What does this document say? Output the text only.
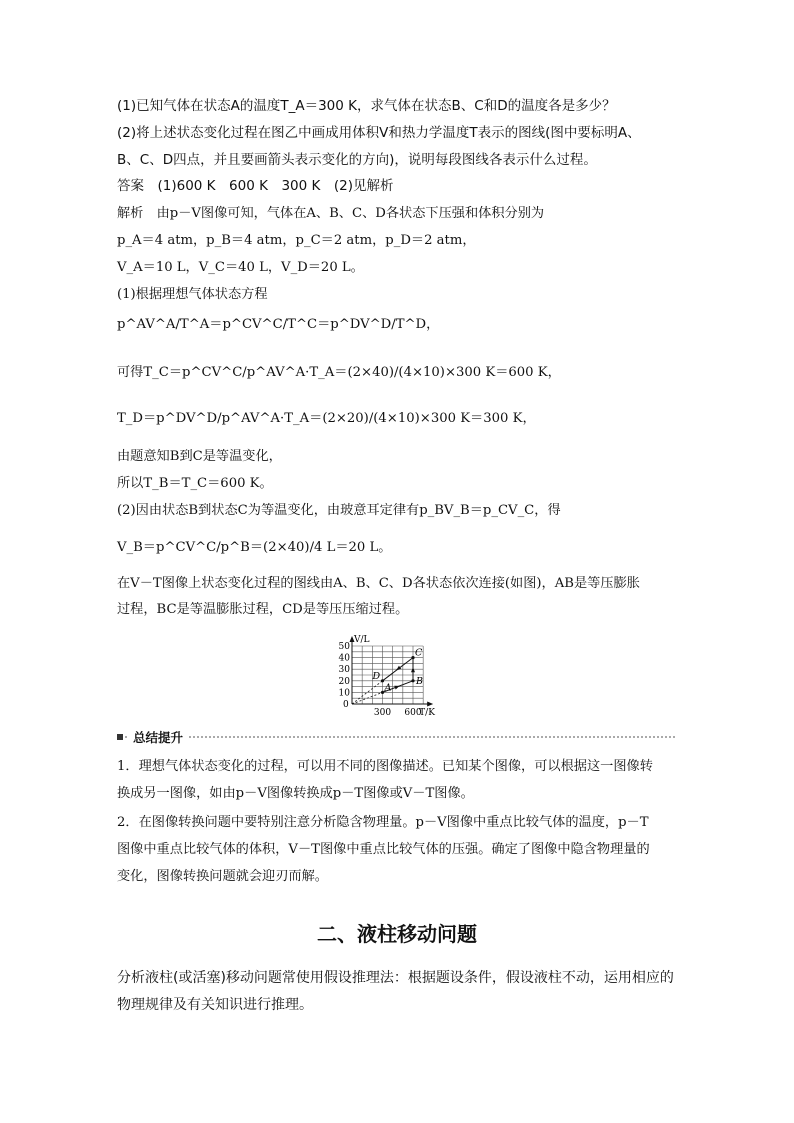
(1)已知气体在状态A的温度T_A＝300 K，求气体在状态B、C和D的温度各是多少？
(2)将上述状态变化过程在图乙中画成用体积V和热力学温度T表示的图线(图中要标明A、
B、C、D四点，并且要画箭头表示变化的方向)，说明每段图线各表示什么过程。
答案　 (1)600 K　600 K　300 K　(2)见解析
解析　 由p－V图像可知，气体在A、B、C、D各状态下压强和体积分别为
p_A＝4 atm，p_B＝4 atm，p_C＝2 atm，p_D＝2 atm，
V_A＝10 L，V_C＝40 L，V_D＝20 L。
(1)根据理想气体状态方程
p^AV^A/T^A＝p^CV^C/T^C＝p^DV^D/T^D，
可得T_C＝p^CV^C/p^AV^A·T_A＝(2×40)/(4×10)×300 K＝600 K，
T_D＝p^DV^D/p^AV^A·T_A＝(2×20)/(4×10)×300 K＝300 K，
由题意知B到C是等温变化，
所以T_B＝T_C＝600 K。
(2)因由状态B到状态C为等温变化，由玻意耳定律有p_BV_B＝p_CV_C，得
V_B＝p^CV^C/p^B＝(2×40)/4 L＝20 L。
在V－T图像上状态变化过程的图线由A、B、C、D各状态依次连接(如图)，AB是等压膨胀
过程，BC是等温膨胀过程，CD是等压压缩过程。
10
20
30
40
50
300 600
V/L
T/K
0
A
B
C
D
总结提升
1．理想气体状态变化的过程，可以用不同的图像描述。已知某个图像，可以根据这一图像转
换成另一图像，如由p－V图像转换成p－T图像或V－T图像。
2．在图像转换问题中要特别注意分析隐含物理量。p－V图像中重点比较气体的温度，p－T
图像中重点比较气体的体积，V－T图像中重点比较气体的压强。确定了图像中隐含物理量的
变化，图像转换问题就会迎刃而解。
二、液柱移动问题
分析液柱(或活塞)移动问题常使用假设推理法：根据题设条件，假设液柱不动，运用相应的物理规律及有关知识进行推理。
